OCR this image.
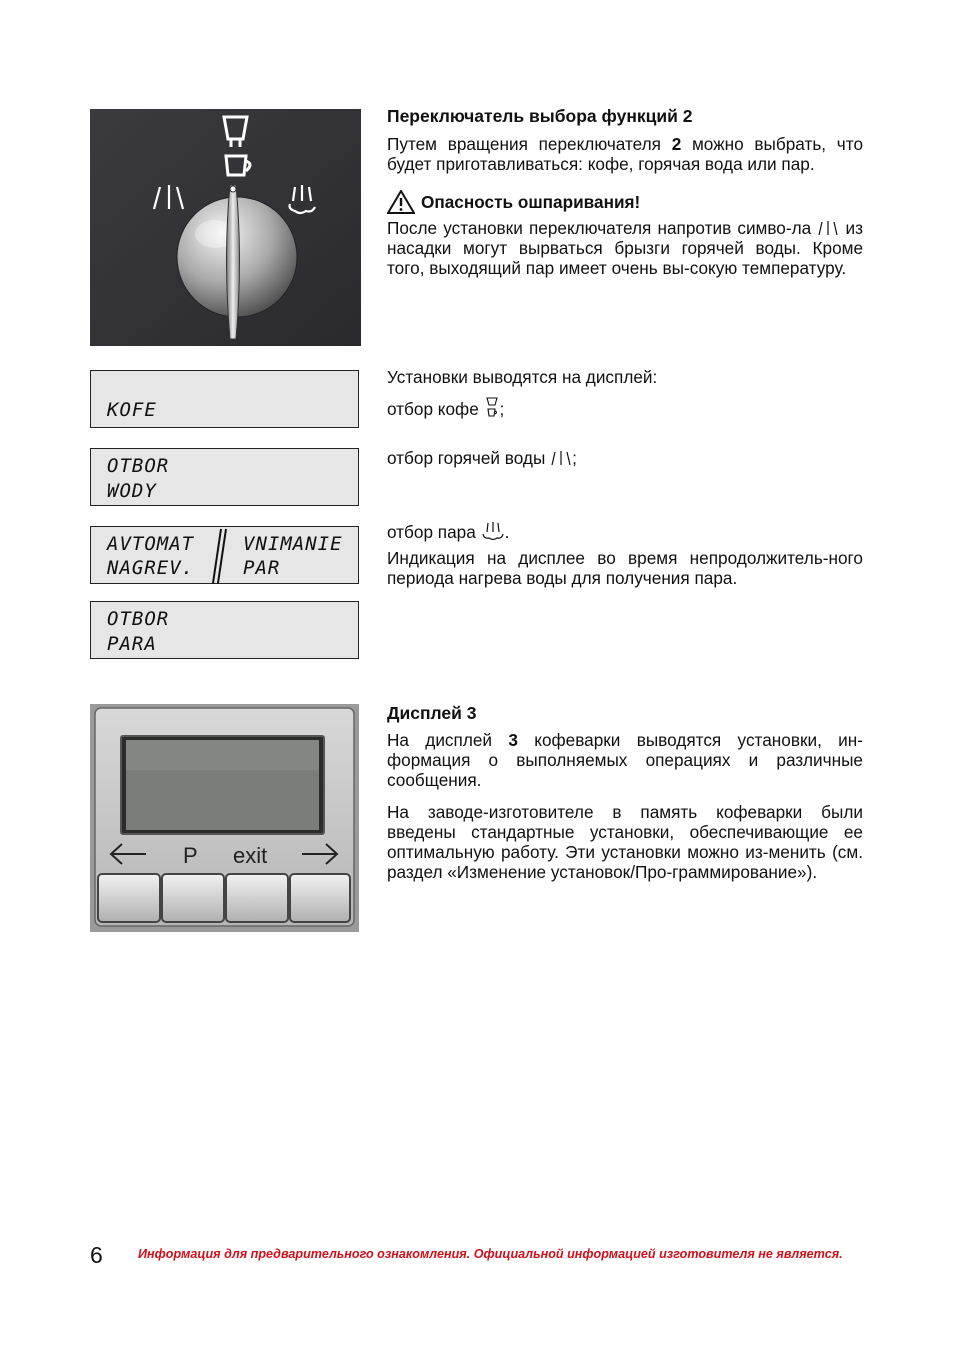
Переключатель выбора функций 2

Путем вращения переключателя 2 можно выбрать, что будет приготавливаться: кофе, горячая вода или пар.

Опасность ошпаривания!

После установки переключателя напротив симво-ла  из насадки могут вырваться брызги горячей воды. Кроме того, выходящий пар имеет очень вы-сокую температуру.

KOFE
OTBOR
WODY
AVTOMAT
NAGREV.
VNIMANIE
PAR
OTBOR
PARA

Установки выводятся на дисплей:

отбор кофе ;

отбор горячей воды ;

отбор пара .

Индикация на дисплее во время непродолжитель-ного периода нагрева воды для получения пара.

P exit
Дисплей 3

На дисплей 3 кофеварки выводятся установки, ин-формация о выполняемых операциях и различные сообщения.

На заводе-изготовителе в память кофеварки были введены стандартные установки, обеспечивающие ее оптимальную работу. Эти установки можно из-менить (см. раздел «Изменение установок/Про-граммирование»).

6	Информация для предварительного ознакомления. Официальной информацией изготовителя не является.
